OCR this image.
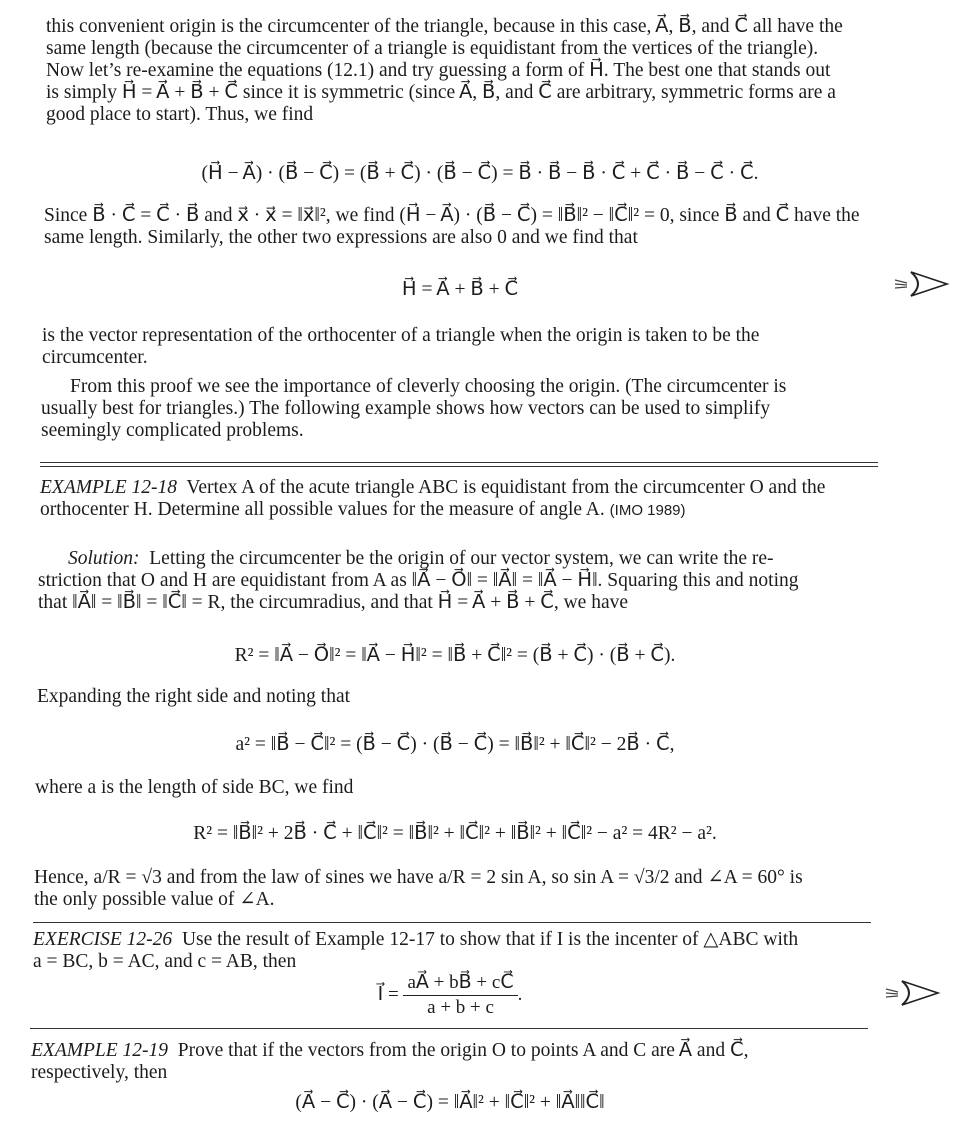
this convenient origin is the circumcenter of the triangle, because in this case, A⃗, B⃗, and C⃗ all have the

same length (because the circumcenter of a triangle is equidistant from the vertices of the triangle).

Now let’s re-examine the equations (12.1) and try guessing a form of H⃗. The best one that stands out

is simply H⃗ = A⃗ + B⃗ + C⃗ since it is symmetric (since A⃗, B⃗, and C⃗ are arbitrary, symmetric forms are a

good place to start). Thus, we find

(H⃗ − A⃗) · (B⃗ − C⃗) = (B⃗ + C⃗) · (B⃗ − C⃗) = B⃗ · B⃗ − B⃗ · C⃗ + C⃗ · B⃗ − C⃗ · C⃗.

Since B⃗ · C⃗ = C⃗ · B⃗ and x⃗ · x⃗ = ‖x⃗‖², we find (H⃗ − A⃗) · (B⃗ − C⃗) = ‖B⃗‖² − ‖C⃗‖² = 0, since B⃗ and C⃗ have the

same length. Similarly, the other two expressions are also 0 and we find that

H⃗ = A⃗ + B⃗ + C⃗

is the vector representation of the orthocenter of a triangle when the origin is taken to be the

circumcenter.

From this proof we see the importance of cleverly choosing the origin. (The circumcenter is

usually best for triangles.) The following example shows how vectors can be used to simplify

seemingly complicated problems.

EXAMPLE 12-18 Vertex A of the acute triangle ABC is equidistant from the circumcenter O and the

orthocenter H. Determine all possible values for the measure of angle A. (IMO 1989)

Solution: Letting the circumcenter be the origin of our vector system, we can write the re-

striction that O and H are equidistant from A as ‖A⃗ − O⃗‖ = ‖A⃗‖ = ‖A⃗ − H⃗‖. Squaring this and noting

that ‖A⃗‖ = ‖B⃗‖ = ‖C⃗‖ = R, the circumradius, and that H⃗ = A⃗ + B⃗ + C⃗, we have

R² = ‖A⃗ − O⃗‖² = ‖A⃗ − H⃗‖² = ‖B⃗ + C⃗‖² = (B⃗ + C⃗) · (B⃗ + C⃗).

Expanding the right side and noting that

a² = ‖B⃗ − C⃗‖² = (B⃗ − C⃗) · (B⃗ − C⃗) = ‖B⃗‖² + ‖C⃗‖² − 2B⃗ · C⃗,

where a is the length of side BC, we find

R² = ‖B⃗‖² + 2B⃗ · C⃗ + ‖C⃗‖² = ‖B⃗‖² + ‖C⃗‖² + ‖B⃗‖² + ‖C⃗‖² − a² = 4R² − a².

Hence, a/R = √3 and from the law of sines we have a/R = 2 sin A, so sin A = √3/2 and ∠A = 60° is

the only possible value of ∠A.

EXERCISE 12-26 Use the result of Example 12-17 to show that if I is the incenter of △ABC with

a = BC, b = AC, and c = AB, then

I⃗ = $\frac{aA⃗ + bB⃗ + cC⃗}{a + b + c}$ .

EXAMPLE 12-19 Prove that if the vectors from the origin O to points A and C are A⃗ and C⃗,

respectively, then

(A⃗ − C⃗) · (A⃗ − C⃗) = ‖A⃗‖² + ‖C⃗‖² + ‖A⃗‖‖C⃗‖
